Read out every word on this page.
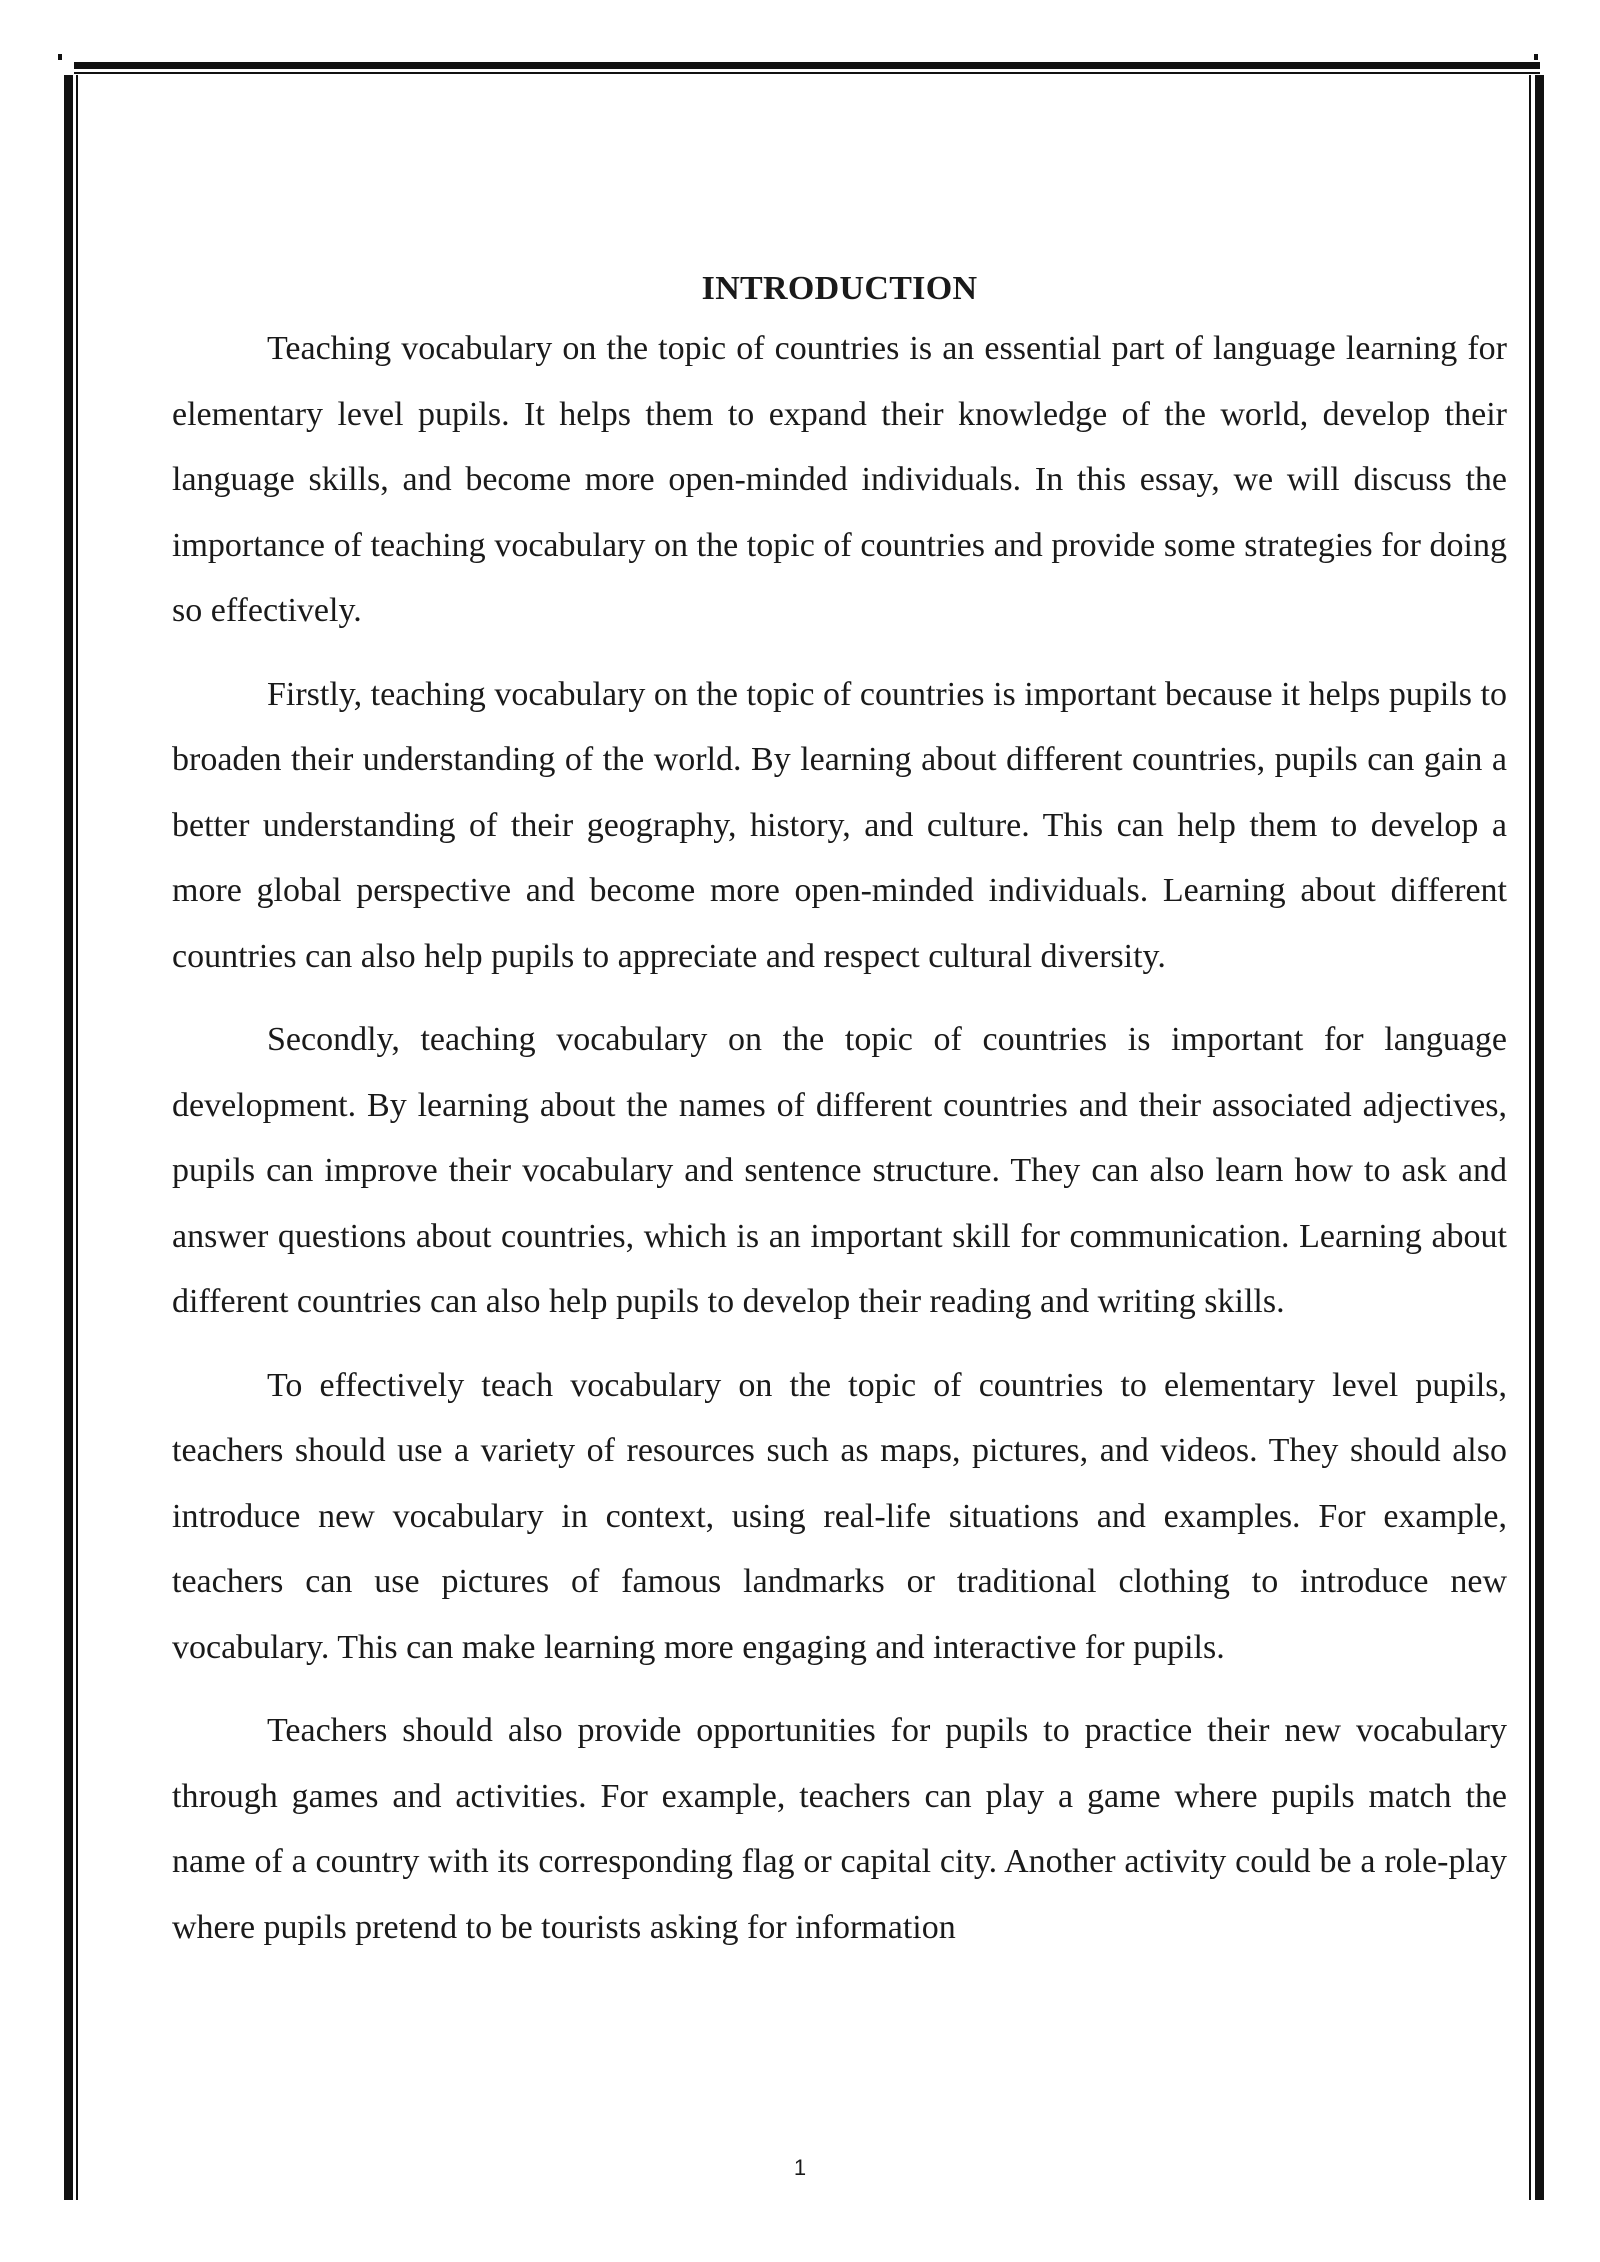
INTRODUCTION

Teaching vocabulary on the topic of countries is an essential part of language learning for elementary level pupils. It helps them to expand their knowledge of the world, develop their language skills, and become more open-minded individuals. In this essay, we will discuss the importance of teaching vocabulary on the topic of countries and provide some strategies for doing so effectively.

Firstly, teaching vocabulary on the topic of countries is important because it helps pupils to broaden their understanding of the world. By learning about different countries, pupils can gain a better understanding of their geography, history, and culture. This can help them to develop a more global perspective and become more open-minded individuals. Learning about different countries can also help pupils to appreciate and respect cultural diversity.

Secondly, teaching vocabulary on the topic of countries is important for language development. By learning about the names of different countries and their associated adjectives, pupils can improve their vocabulary and sentence structure. They can also learn how to ask and answer questions about countries, which is an important skill for communication. Learning about different countries can also help pupils to develop their reading and writing skills.

To effectively teach vocabulary on the topic of countries to elementary level pupils, teachers should use a variety of resources such as maps, pictures, and videos. They should also introduce new vocabulary in context, using real-life situations and examples. For example, teachers can use pictures of famous landmarks or traditional clothing to introduce new vocabulary. This can make learning more engaging and interactive for pupils.

Teachers should also provide opportunities for pupils to practice their new vocabulary through games and activities. For example, teachers can play a game where pupils match the name of a country with its corresponding flag or capital city. Another activity could be a role-play where pupils pretend to be tourists asking for information

1
